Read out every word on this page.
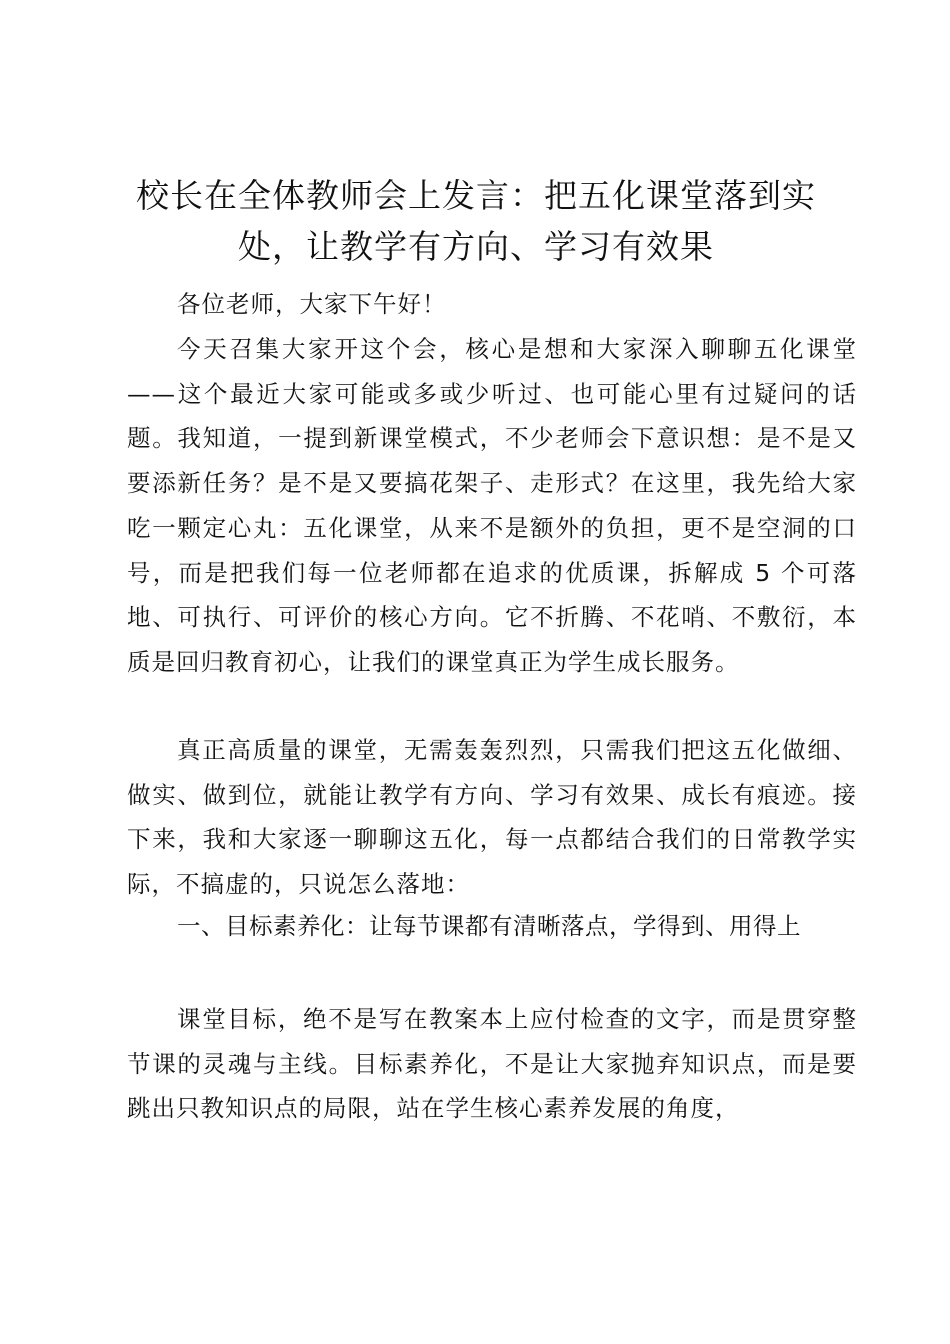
校长在全体教师会上发言：把五化课堂落到实处，让教学有方向、学习有效果

各位老师，大家下午好！

今天召集大家开这个会，核心是想和大家深入聊聊五化课堂——这个最近大家可能或多或少听过、也可能心里有过疑问的话题。我知道，一提到新课堂模式，不少老师会下意识想：是不是又要添新任务？是不是又要搞花架子、走形式？在这里，我先给大家吃一颗定心丸：五化课堂，从来不是额外的负担，更不是空洞的口号，而是把我们每一位老师都在追求的优质课，拆解成 5 个可落地、可执行、可评价的核心方向。它不折腾、不花哨、不敷衍，本质是回归教育初心，让我们的课堂真正为学生成长服务。

真正高质量的课堂，无需轰轰烈烈，只需我们把这五化做细、做实、做到位，就能让教学有方向、学习有效果、成长有痕迹。接下来，我和大家逐一聊聊这五化，每一点都结合我们的日常教学实际，不搞虚的，只说怎么落地：

一、目标素养化：让每节课都有清晰落点，学得到、用得上

课堂目标，绝不是写在教案本上应付检查的文字，而是贯穿整节课的灵魂与主线。目标素养化，不是让大家抛弃知识点，而是要跳出只教知识点的局限，站在学生核心素养发展的角度，
